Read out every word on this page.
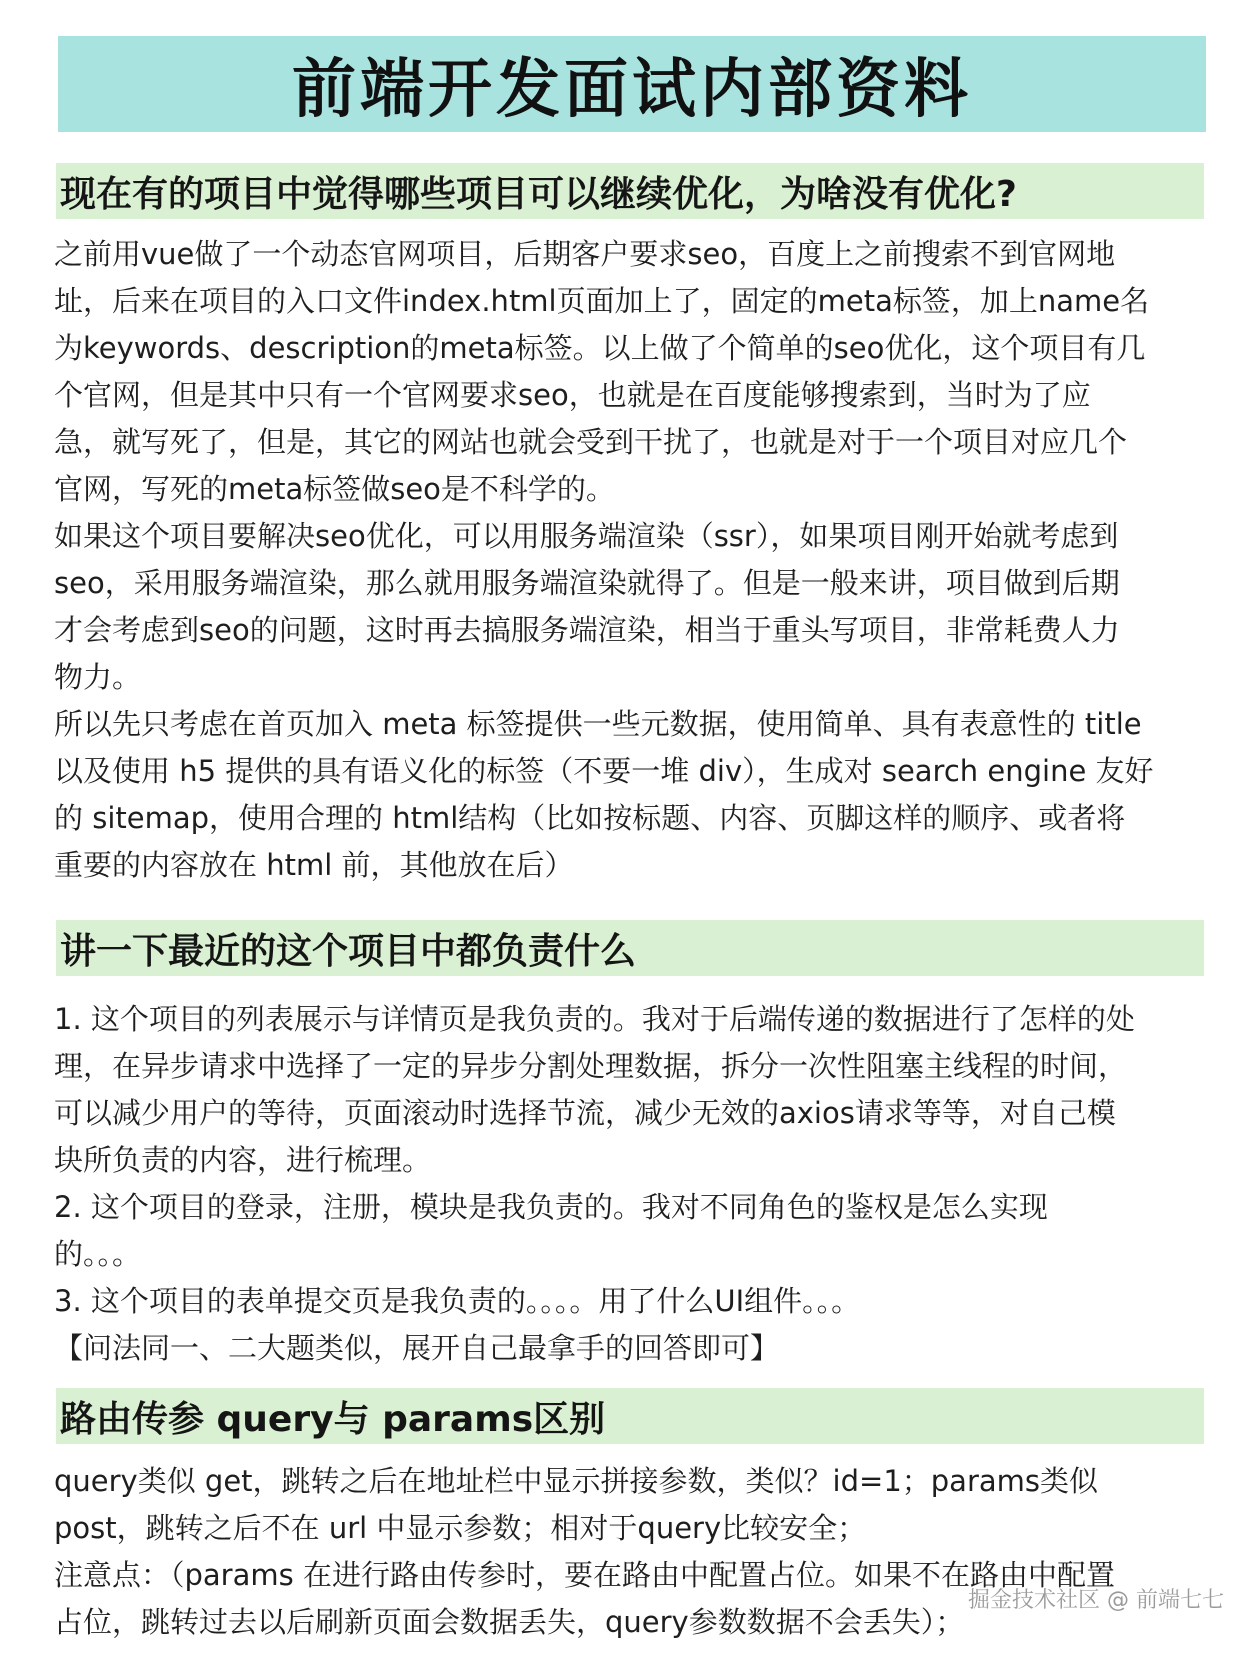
前端开发面试内部资料
现在有的项目中觉得哪些项目可以继续优化，为啥没有优化?

之前用vue做了一个动态官网项目，后期客户要求seo，百度上之前搜索不到官网地

址，后来在项目的入口文件index.html页面加上了，固定的meta标签，加上name名

为keywords、description的meta标签。以上做了个简单的seo优化，这个项目有几

个官网，但是其中只有一个官网要求seo，也就是在百度能够搜索到，当时为了应

急，就写死了，但是，其它的网站也就会受到干扰了，也就是对于一个项目对应几个

官网，写死的meta标签做seo是不科学的。

如果这个项目要解决seo优化，可以用服务端渲染（ssr），如果项目刚开始就考虑到

seo，采用服务端渲染，那么就用服务端渲染就得了。但是一般来讲，项目做到后期

才会考虑到seo的问题，这时再去搞服务端渲染，相当于重头写项目，非常耗费人力

物力。

所以先只考虑在首页加入 meta 标签提供一些元数据，使用简单、具有表意性的 title

以及使用 h5 提供的具有语义化的标签（不要一堆 div），生成对 search engine 友好

的 sitemap，使用合理的 html结构（比如按标题、内容、页脚这样的顺序、或者将

重要的内容放在 html 前，其他放在后）

讲一下最近的这个项目中都负责什么

1. 这个项目的列表展示与详情页是我负责的。我对于后端传递的数据进行了怎样的处

理，在异步请求中选择了一定的异步分割处理数据，拆分一次性阻塞主线程的时间，

可以减少用户的等待，页面滚动时选择节流，减少无效的axios请求等等，对自己模

块所负责的内容，进行梳理。

2. 这个项目的登录，注册，模块是我负责的。我对不同角色的鉴权是怎么实现

的。。。

3. 这个项目的表单提交页是我负责的。。。。用了什么UI组件。。。

【问法同一、二大题类似，展开自己最拿手的回答即可】

路由传参 query与 params区别

query类似 get，跳转之后在地址栏中显示拼接参数，类似？id=1；params类似

post，跳转之后不在 url 中显示参数；相对于query比较安全；

注意点：（params 在进行路由传参时，要在路由中配置占位。如果不在路由中配置

占位，跳转过去以后刷新页面会数据丢失，query参数数据不会丢失）；

掘金技术社区 @ 前端七七
